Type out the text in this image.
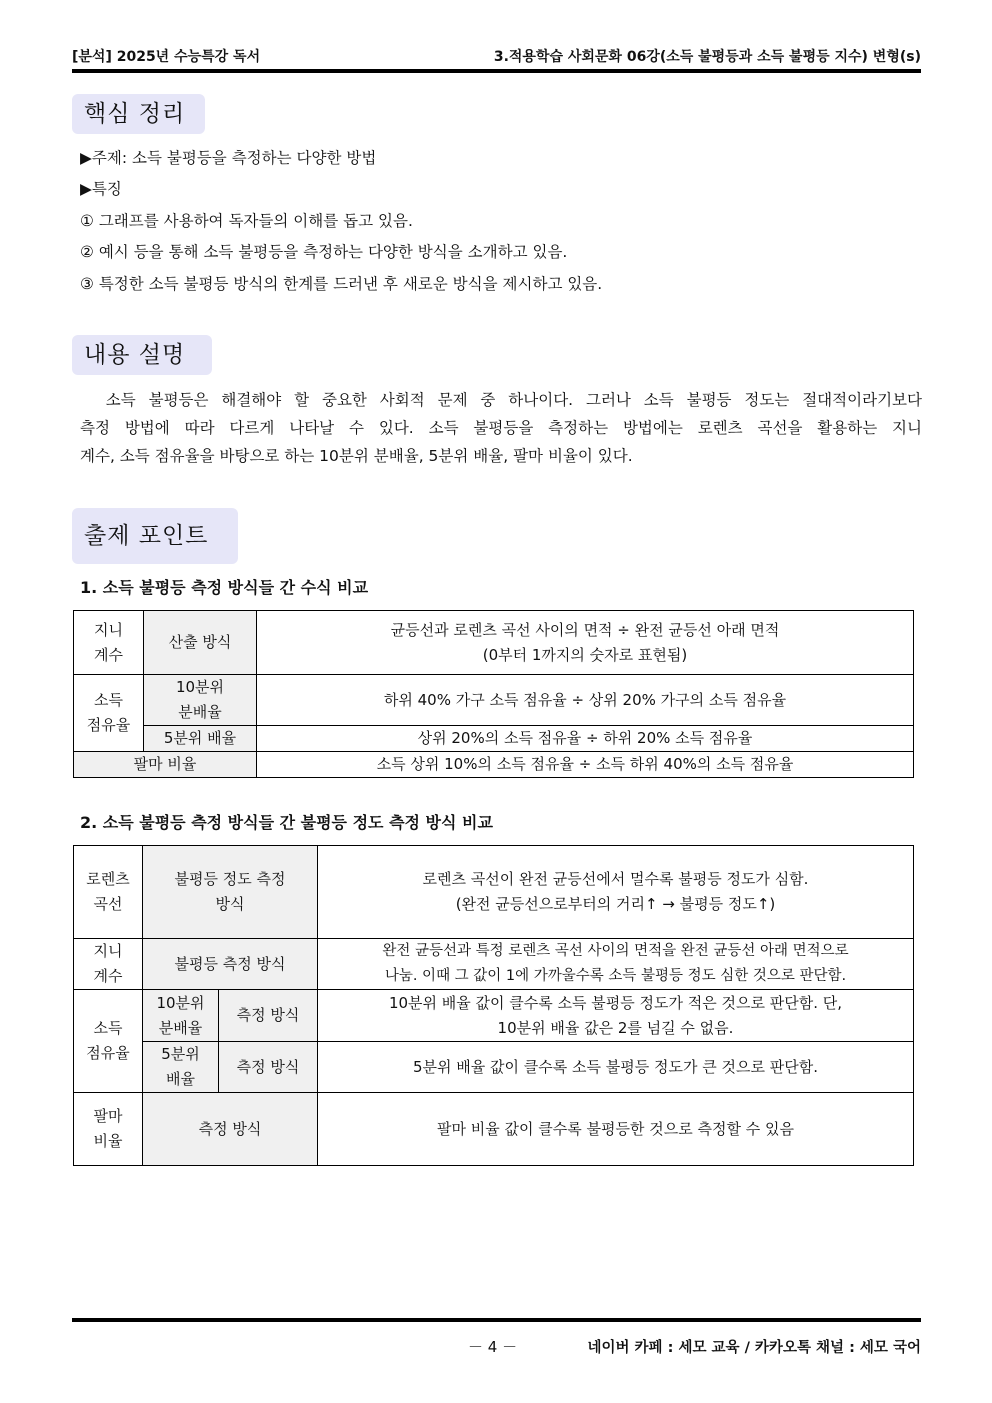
[분석] 2025년 수능특강 독서	3.적용학습 사회문화 06강(소득 불평등과 소득 불평등 지수) 변형(s)
핵심 정리
▶주제: 소득 불평등을 측정하는 다양한 방법
▶특징
① 그래프를 사용하여 독자들의 이해를 돕고 있음.
② 예시 등을 통해 소득 불평등을 측정하는 다양한 방식을 소개하고 있음.
③ 특정한 소득 불평등 방식의 한계를 드러낸 후 새로운 방식을 제시하고 있음.
내용 설명
소득 불평등은 해결해야 할 중요한 사회적 문제 중 하나이다. 그러나 소득 불평등 정도는 절대적이라기보다
측정 방법에 따라 다르게 나타날 수 있다. 소득 불평등을 측정하는 방법에는 로렌츠 곡선을 활용하는 지니
계수, 소득 점유율을 바탕으로 하는 10분위 분배율, 5분위 배율, 팔마 비율이 있다.
출제 포인트
1. 소득 불평등 측정 방식들 간 수식 비교
지니
계수	산출 방식	균등선과 로렌츠 곡선 사이의 면적 ÷ 완전 균등선 아래 면적
(0부터 1까지의 숫자로 표현됨)
소득
점유율	10분위
분배율	하위 40% 가구 소득 점유율 ÷ 상위 20% 가구의 소득 점유율
	5분위 배율	상위 20%의 소득 점유율 ÷ 하위 20% 소득 점유율
팔마 비율		소득 상위 10%의 소득 점유율 ÷ 소득 하위 40%의 소득 점유율
2. 소득 불평등 측정 방식들 간 불평등 정도 측정 방식 비교
로렌츠
곡선	불평등 정도 측정
방식		로렌츠 곡선이 완전 균등선에서 멀수록 불평등 정도가 심함.
(완전 균등선으로부터의 거리↑ → 불평등 정도↑)
지니
계수	불평등 측정 방식		완전 균등선과 특정 로렌츠 곡선 사이의 면적을 완전 균등선 아래 면적으로
나눔. 이때 그 값이 1에 가까울수록 소득 불평등 정도 심한 것으로 판단함.
소득
점유율	10분위
분배율	측정 방식	10분위 배율 값이 클수록 소득 불평등 정도가 적은 것으로 판단함. 단,
10분위 배율 값은 2를 넘길 수 없음.
	5분위
배율	측정 방식	5분위 배율 값이 클수록 소득 불평등 정도가 큰 것으로 판단함.
팔마
비율	측정 방식		팔마 비율 값이 클수록 불평등한 것으로 측정할 수 있음
－ 4 －	네이버 카페 : 세모 교육 / 카카오톡 채널 : 세모 국어
